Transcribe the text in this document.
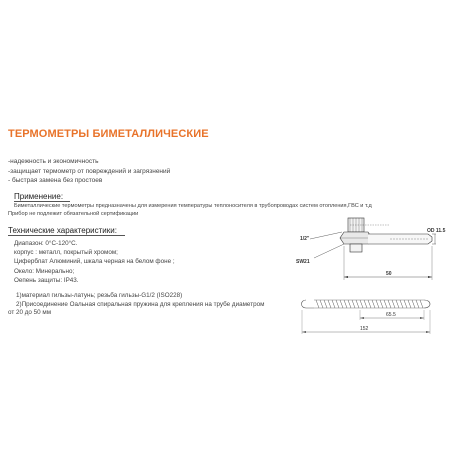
ТЕРМОМЕТРЫ БИМЕТАЛЛИЧЕСКИЕ
-надежность и экономичность
-защищает термометр от повреждений и загрязнений
- быстрая замена без простоев
Применение:
Биметаллические термометры предназначены для измерения температуры теплоносителя в трубопроводах систем отопления,ГВС и т.д
Прибор не подлежит обязательной сертификации
Технические характеристики:
Диапазон: 0°С-120°С.
корпус : металл, покрытый хромом;
Циферблат Алюминий, шкала черная на белом фоне ;
Окело: Минерально;
Оепень защиты: IP43.
1)материал гильзы-латунь; резьба гильзы-G1/2 (ISO228)
2)Присоединение Оальная спиральная пружина для крепления на трубе диаметром
от 20 до 50 мм
1/2"
SW21
OD 11.5
50
65.5
152
